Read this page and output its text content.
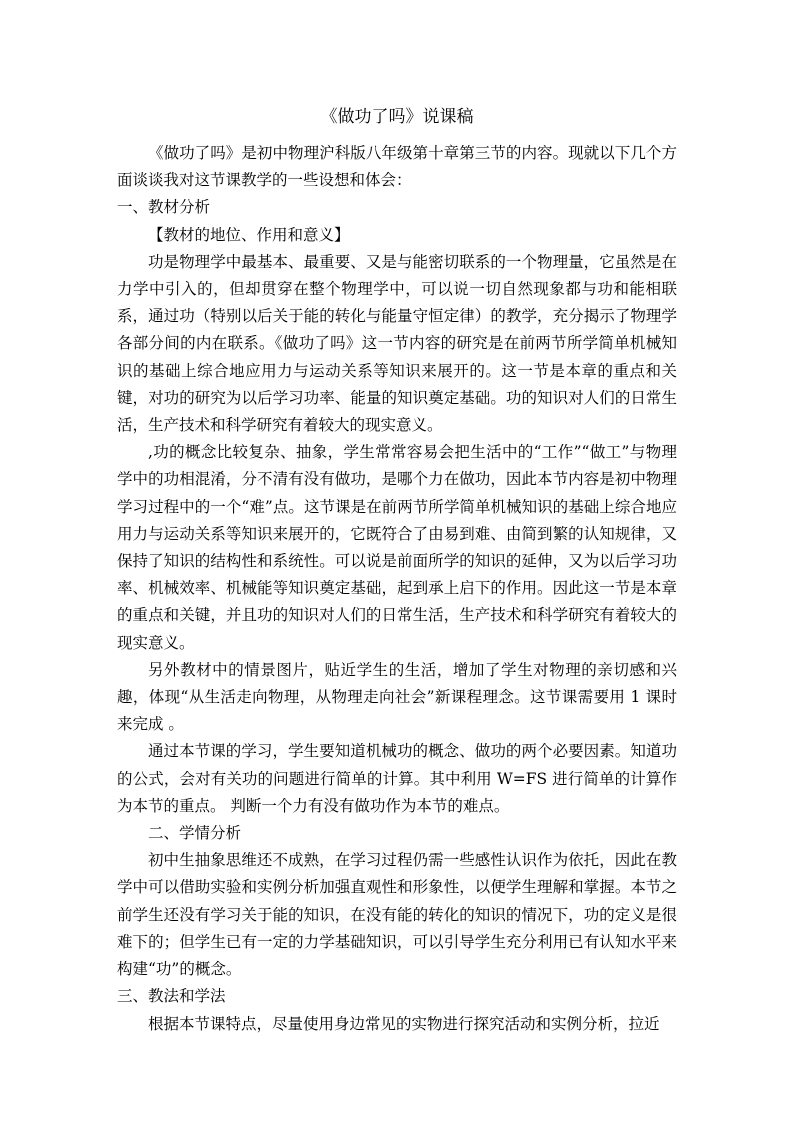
《做功了吗》说课稿

《做功了吗》是初中物理沪科版八年级第十章第三节的内容。现就以下几个方面谈谈我对这节课教学的一些设想和体会：

一、教材分析

【教材的地位、作用和意义】

功是物理学中最基本、最重要、又是与能密切联系的一个物理量，它虽然是在力学中引入的，但却贯穿在整个物理学中，可以说一切自然现象都与功和能相联系，通过功（特别以后关于能的转化与能量守恒定律）的教学，充分揭示了物理学各部分间的内在联系。《做功了吗》这一节内容的研究是在前两节所学简单机械知识的基础上综合地应用力与运动关系等知识来展开的。这一节是本章的重点和关键，对功的研究为以后学习功率、能量的知识奠定基础。功的知识对人们的日常生活，生产技术和科学研究有着较大的现实意义。

,功的概念比较复杂、抽象，学生常常容易会把生活中的“工作”“做工”与物理学中的功相混淆，分不清有没有做功，是哪个力在做功，因此本节内容是初中物理学习过程中的一个“难”点。这节课是在前两节所学简单机械知识的基础上综合地应用力与运动关系等知识来展开的，它既符合了由易到难、由简到繁的认知规律，又保持了知识的结构性和系统性。可以说是前面所学的知识的延伸，又为以后学习功率、机械效率、机械能等知识奠定基础，起到承上启下的作用。因此这一节是本章的重点和关键，并且功的知识对人们的日常生活，生产技术和科学研究有着较大的现实意义。

另外教材中的情景图片，贴近学生的生活，增加了学生对物理的亲切感和兴趣，体现“从生活走向物理，从物理走向社会”新课程理念。这节课需要用 1 课时来完成 。

通过本节课的学习，学生要知道机械功的概念、做功的两个必要因素。知道功的公式，会对有关功的问题进行简单的计算。其中利用 W=FS 进行简单的计算作为本节的重点。 判断一个力有没有做功作为本节的难点。

二、学情分析

初中生抽象思维还不成熟，在学习过程仍需一些感性认识作为依托，因此在教学中可以借助实验和实例分析加强直观性和形象性，以便学生理解和掌握。本节之前学生还没有学习关于能的知识，在没有能的转化的知识的情况下，功的定义是很难下的；但学生已有一定的力学基础知识，可以引导学生充分利用已有认知水平来构建“功”的概念。

三、教法和学法

根据本节课特点，尽量使用身边常见的实物进行探究活动和实例分析，拉近
